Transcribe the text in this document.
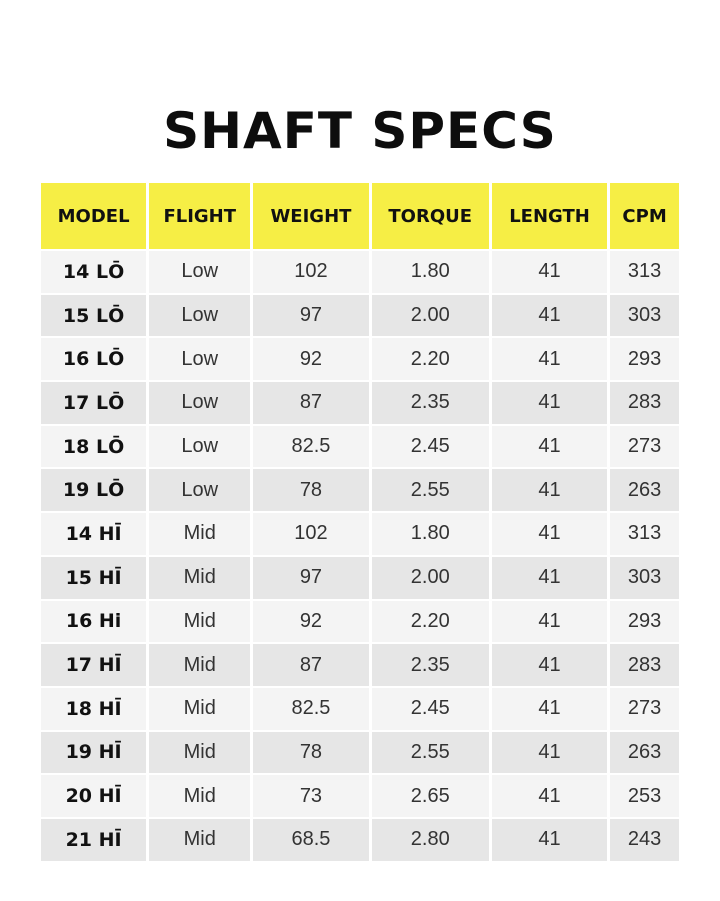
SHAFT SPECS
MODEL	FLIGHT	WEIGHT	TORQUE	LENGTH	CPM
14 LŌ	Low	102	1.80	41	313
15 LŌ	Low	97	2.00	41	303
16 LŌ	Low	92	2.20	41	293
17 LŌ	Low	87	2.35	41	283
18 LŌ	Low	82.5	2.45	41	273
19 LŌ	Low	78	2.55	41	263
14 HĪ	Mid	102	1.80	41	313
15 HĪ	Mid	97	2.00	41	303
16 Hi	Mid	92	2.20	41	293
17 HĪ	Mid	87	2.35	41	283
18 HĪ	Mid	82.5	2.45	41	273
19 HĪ	Mid	78	2.55	41	263
20 HĪ	Mid	73	2.65	41	253
21 HĪ	Mid	68.5	2.80	41	243
